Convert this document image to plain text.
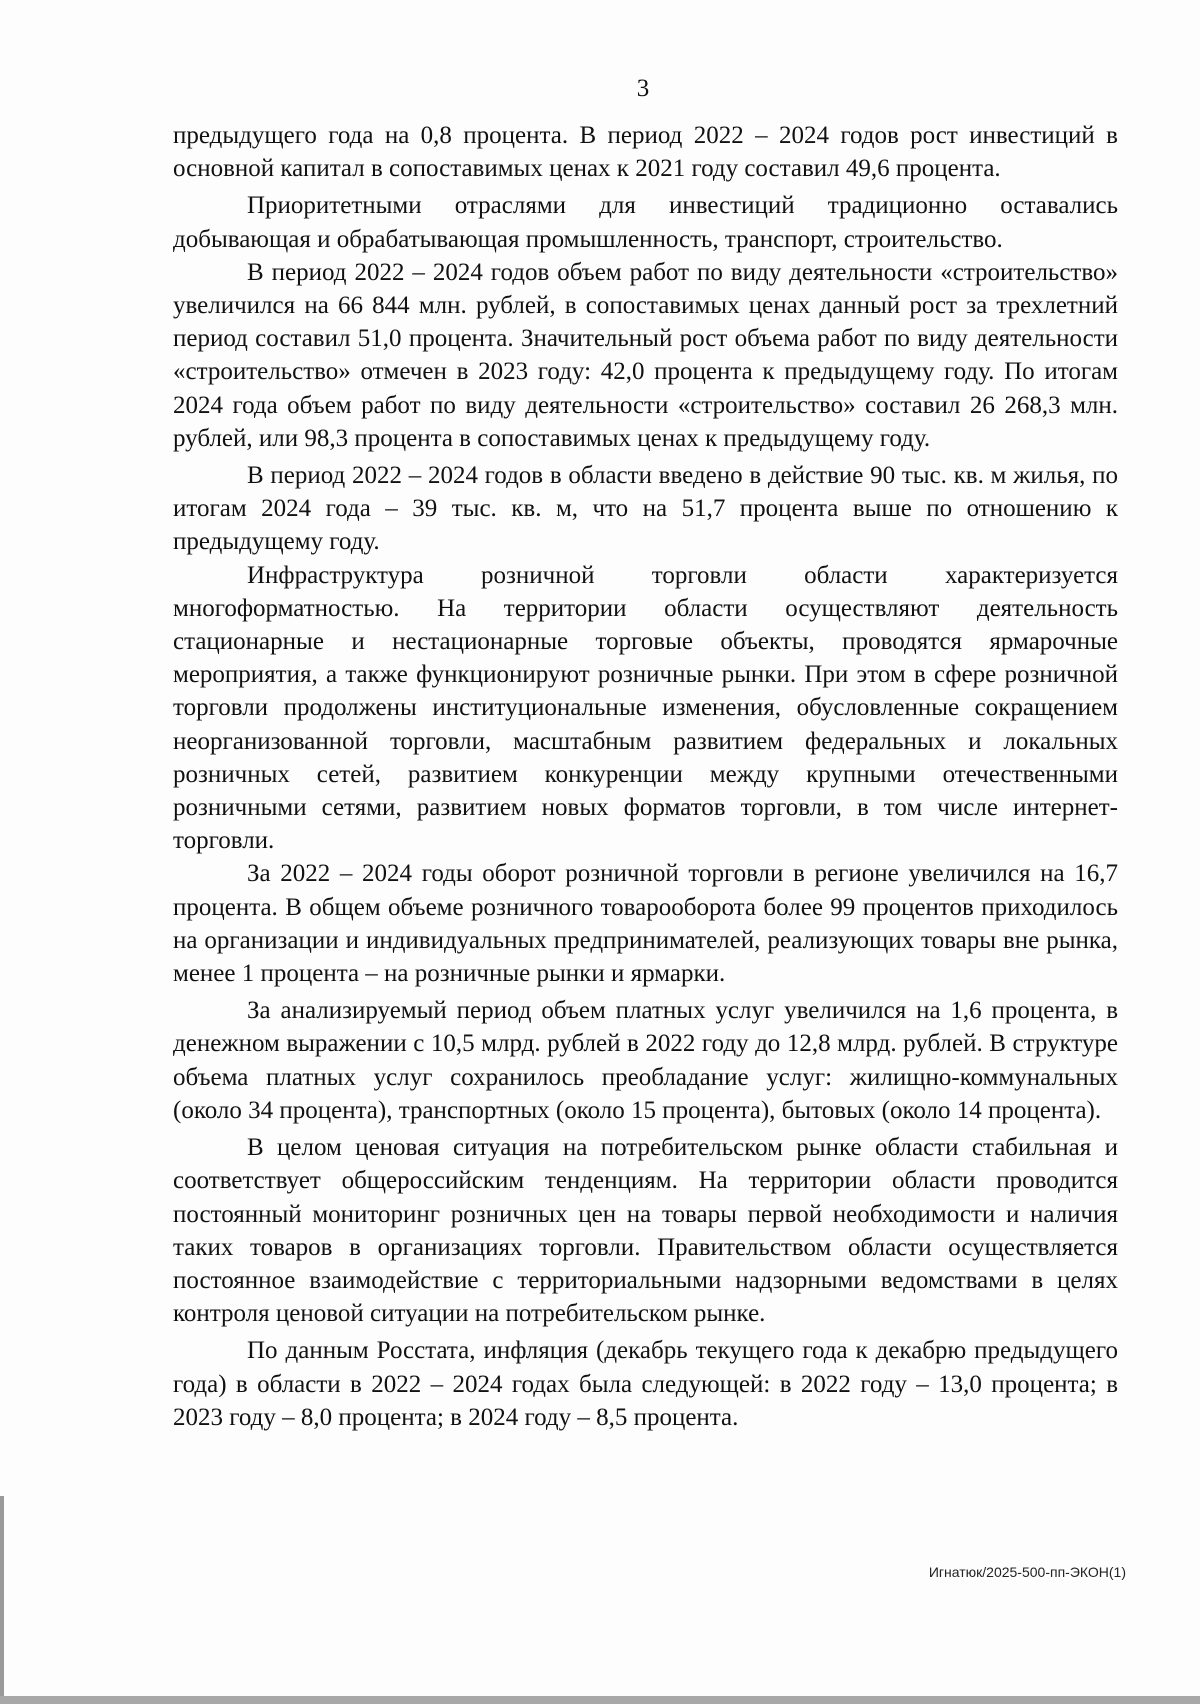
3

предыдущего года на 0,8 процента. В период 2022 – 2024 годов рост инвестиций в основной капитал в сопоставимых ценах к 2021 году составил 49,6 процента.

Приоритетными отраслями для инвестиций традиционно оставались добывающая и обрабатывающая промышленность, транспорт, строительство.

В период 2022 – 2024 годов объем работ по виду деятельности «строительство» увеличился на 66 844 млн. рублей, в сопоставимых ценах данный рост за трехлетний период составил 51,0 процента. Значительный рост объема работ по виду деятельности «строительство» отмечен в 2023 году: 42,0 процента к предыдущему году. По итогам 2024 года объем работ по виду деятельности «строительство» составил 26 268,3 млн. рублей, или 98,3 процента в сопоставимых ценах к предыдущему году.

В период 2022 – 2024 годов в области введено в действие 90 тыс. кв. м жилья, по итогам 2024 года – 39 тыс. кв. м, что на 51,7 процента выше по отношению к предыдущему году.

Инфраструктура розничной торговли области характеризуется многоформатностью. На территории области осуществляют деятельность стационарные и нестационарные торговые объекты, проводятся ярмарочные мероприятия, а также функционируют розничные рынки. При этом в сфере розничной торговли продолжены институциональные изменения, обусловленные сокращением неорганизованной торговли, масштабным развитием федеральных и локальных розничных сетей, развитием конкуренции между крупными отечественными розничными сетями, развитием новых форматов торговли, в том числе интернет-торговли.

За 2022 – 2024 годы оборот розничной торговли в регионе увеличился на 16,7 процента. В общем объеме розничного товарооборота более 99 процентов приходилось на организации и индивидуальных предпринимателей, реализующих товары вне рынка, менее 1 процента – на розничные рынки и ярмарки.

За анализируемый период объем платных услуг увеличился на 1,6 процента, в денежном выражении с 10,5 млрд. рублей в 2022 году до 12,8 млрд. рублей. В структуре объема платных услуг сохранилось преобладание услуг: жилищно-коммунальных (около 34 процента), транспортных (около 15 процента), бытовых (около 14 процента).

В целом ценовая ситуация на потребительском рынке области стабильная и соответствует общероссийским тенденциям. На территории области проводится постоянный мониторинг розничных цен на товары первой необходимости и наличия таких товаров в организациях торговли. Правительством области осуществляется постоянное взаимодействие с территориальными надзорными ведомствами в целях контроля ценовой ситуации на потребительском рынке.

По данным Росстата, инфляция (декабрь текущего года к декабрю предыдущего года) в области в 2022 – 2024 годах была следующей: в 2022 году – 13,0 процента; в 2023 году – 8,0 процента; в 2024 году – 8,5 процента.

Игнатюк/2025-500-пп-ЭКОН(1)
